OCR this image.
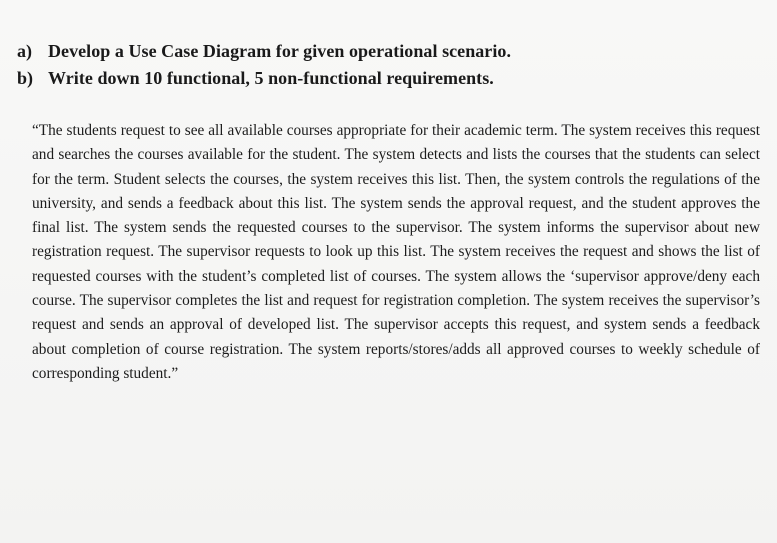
a) Develop a Use Case Diagram for given operational scenario.
b) Write down 10 functional, 5 non-functional requirements.

“The students request to see all available courses appropriate for their academic term. The system receives this request and searches the courses available for the student. The system detects and lists the courses that the students can select for the term. Student selects the courses, the system receives this list. Then, the system controls the regulations of the university, and sends a feedback about this list. The system sends the approval request, and the student approves the final list. The system sends the requested courses to the supervisor. The system informs the supervisor about new registration request. The supervisor requests to look up this list. The system receives the request and shows the list of requested courses with the student’s completed list of courses. The system allows the ‘supervisor approve/deny each course. The supervisor completes the list and request for registration completion. The system receives the supervisor’s request and sends an approval of developed list. The supervisor accepts this request, and system sends a feedback about completion of course registration. The system reports/stores/adds all approved courses to weekly schedule of corresponding student.”
